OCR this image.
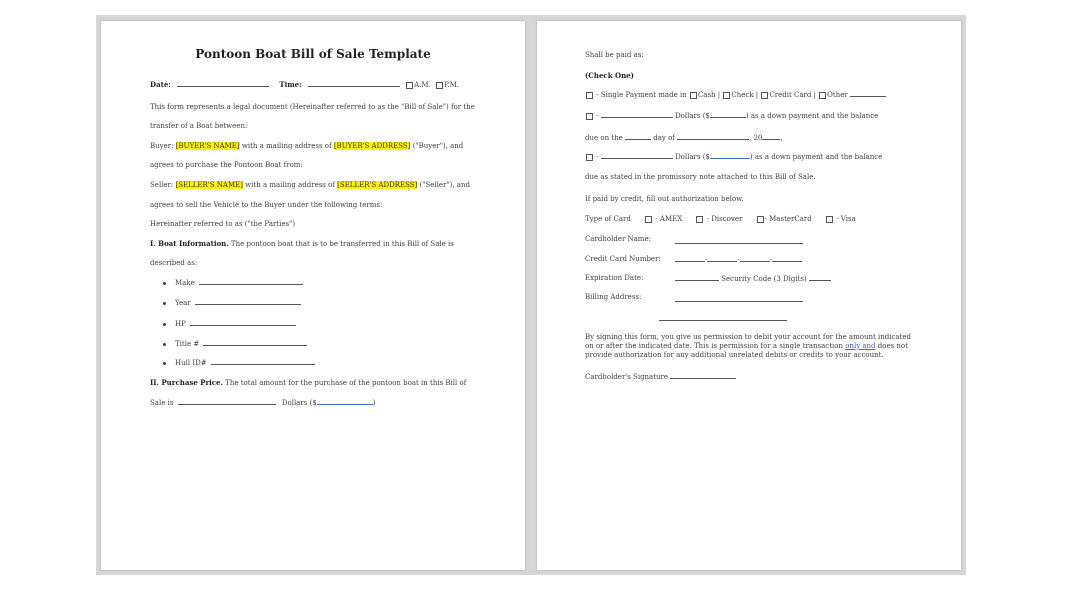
Pontoon Boat Bill of Sale Template
Date:	Time:	A.M. P.M.
This form represents a legal document (Hereinafter referred to as the "Bill of Sale") for the
transfer of a Boat between:
Buyer: [BUYER'S NAME] with a mailing address of [BUYER'S ADDRESS] ("Buyer"), and
agrees to purchase the Pontoon Boat from:
Seller: [SELLER'S NAME] with a mailing address of [SELLER'S ADDRESS] ("Seller"), and
agrees to sell the Vehicle to the Buyer under the following terms:
Hereinafter referred to as ("the Parties")
I. Boat Information. The pontoon boat that is to be transferred in this Bill of Sale is
described as:
Make
Year
HP
Title #
Hull ID#
II. Purchase Price. The total amount for the purchase of the pontoon boat in this Bill of
Sale is	Dollars ($	)
Shall be paid as:
(Check One)
- Single Payment made in Cash | Check | Credit Card | Other
-	Dollars ($	) as a down payment and the balance
due on the	day of	, 20	.
-	Dollars ($	) as a down payment and the balance
due as stated in the promissory note attached to this Bill of Sale.
If paid by credit, fill out authorization below.
Type of Card	- AMEX	- Discover	- MasterCard	- Visa
Cardholder Name:
Credit Card Number:	-	-	-
Expiration Date:	Security Code (3 Digits)
Billing Address:
By signing this form, you give us permission to debit your account for the amount indicated
on or after the indicated date. This is permission for a single transaction only and does not
provide authorization for any additional unrelated debits or credits to your account.
Cardholder's Signature
